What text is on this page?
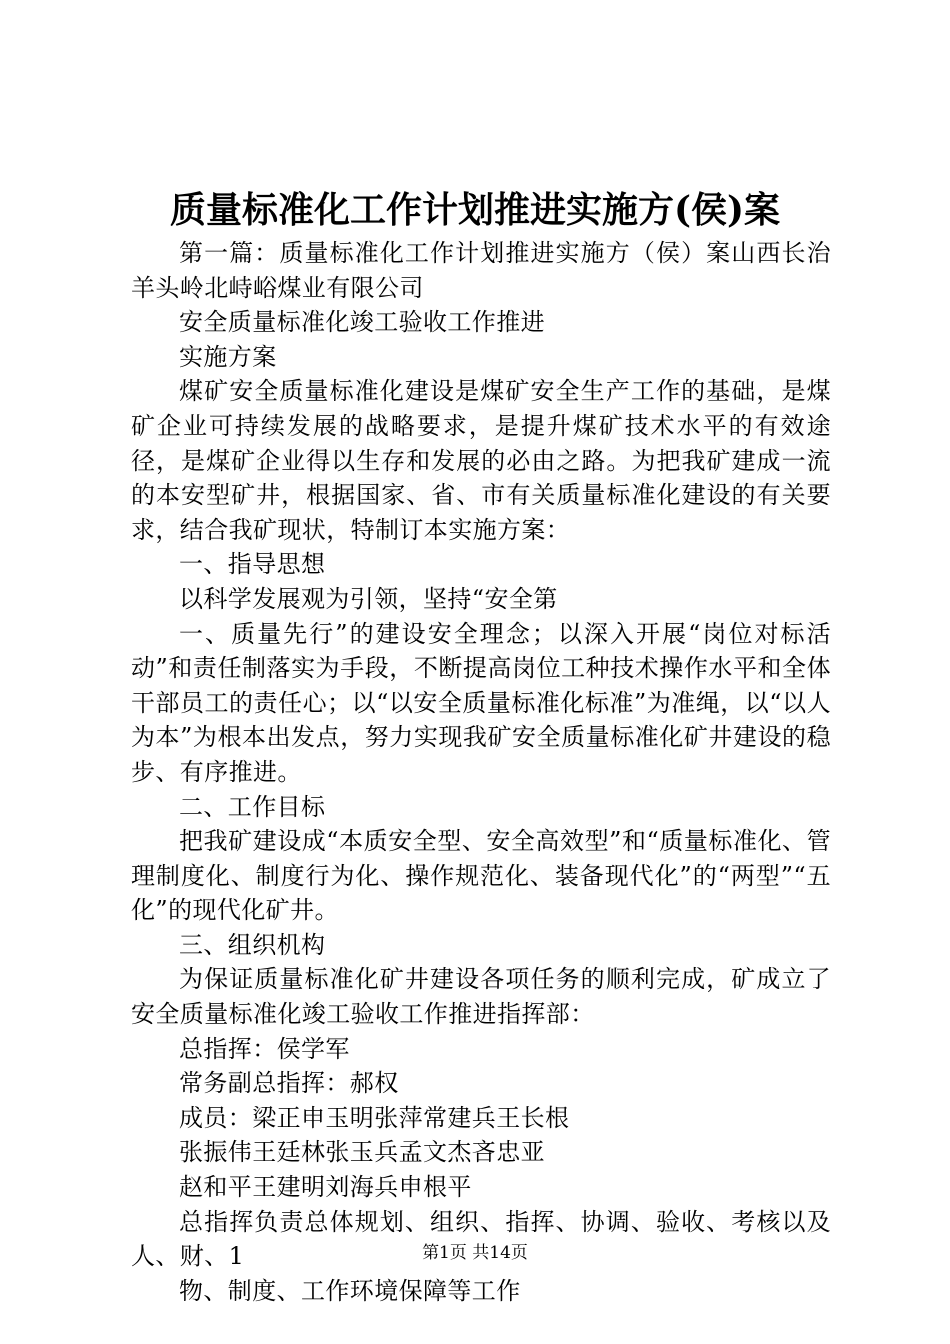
质量标准化工作计划推进实施方(侯)案

第一篇：质量标准化工作计划推进实施方（侯）案山西长治羊头岭北峙峪煤业有限公司

安全质量标准化竣工验收工作推进

实施方案

煤矿安全质量标准化建设是煤矿安全生产工作的基础，是煤矿企业可持续发展的战略要求，是提升煤矿技术水平的有效途径，是煤矿企业得以生存和发展的必由之路。为把我矿建成一流的本安型矿井，根据国家、省、市有关质量标准化建设的有关要求，结合我矿现状，特制订本实施方案：

一、指导思想

以科学发展观为引领，坚持“安全第

一、质量先行”的建设安全理念；以深入开展“岗位对标活动”和责任制落实为手段，不断提高岗位工种技术操作水平和全体干部员工的责任心；以“以安全质量标准化标准”为准绳，以“以人为本”为根本出发点，努力实现我矿安全质量标准化矿井建设的稳步、有序推进。

二、工作目标

把我矿建设成“本质安全型、安全高效型”和“质量标准化、管理制度化、制度行为化、操作规范化、装备现代化”的“两型”“五化”的现代化矿井。

三、组织机构

为保证质量标准化矿井建设各项任务的顺利完成，矿成立了安全质量标准化竣工验收工作推进指挥部：

总指挥：侯学军

常务副总指挥：郝权

成员：梁正申玉明张萍常建兵王长根

张振伟王廷林张玉兵孟文杰吝忠亚

赵和平王建明刘海兵申根平

总指挥负责总体规划、组织、指挥、协调、验收、考核以及人、财、1

物、制度、工作环境保障等工作

第1页 共14页
